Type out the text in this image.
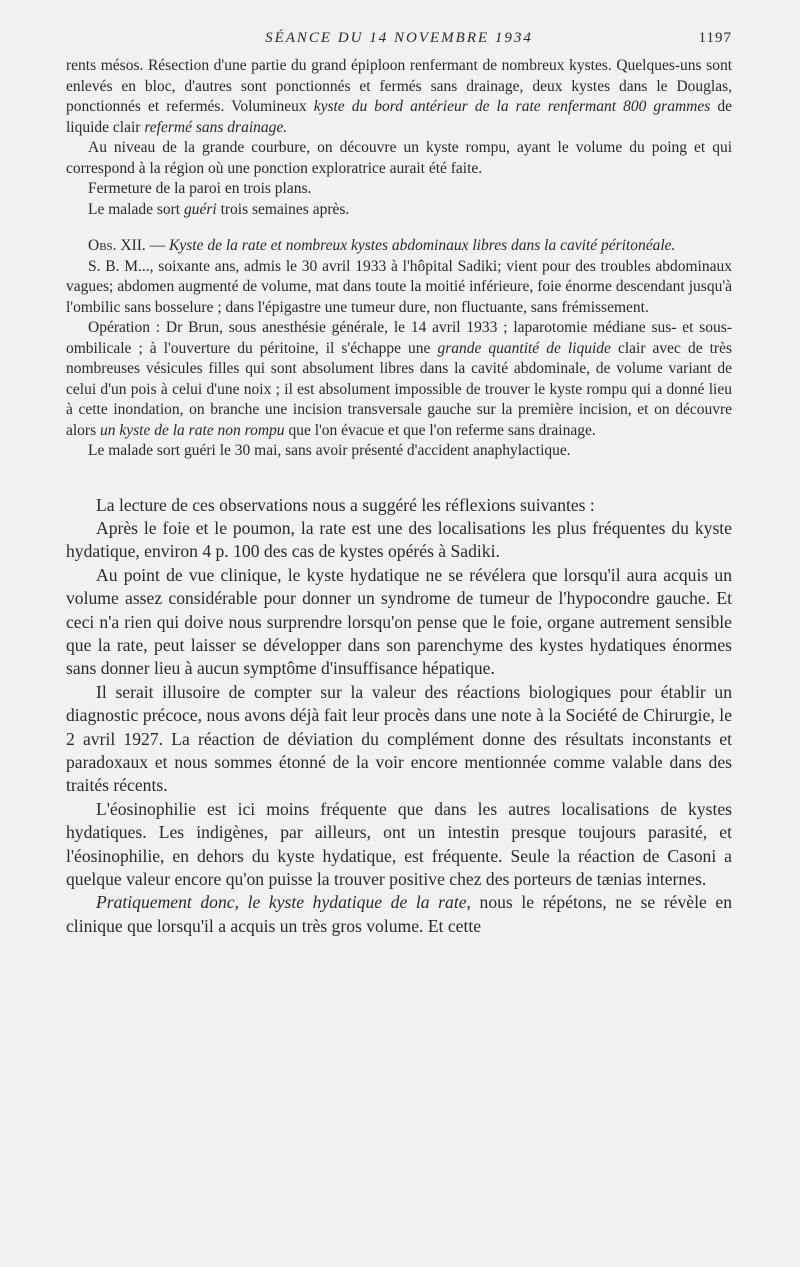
SÉANCE DU 14 NOVEMBRE 1934	1197

rents mésos. Résection d'une partie du grand épiploon renfermant de nombreux kystes. Quelques-uns sont enlevés en bloc, d'autres sont ponctionnés et fermés sans drainage, deux kystes dans le Douglas, ponctionnés et refermés. Volumineux kyste du bord antérieur de la rate renfermant 800 grammes de liquide clair refermé sans drainage.

Au niveau de la grande courbure, on découvre un kyste rompu, ayant le volume du poing et qui correspond à la région où une ponction exploratrice aurait été faite.

Fermeture de la paroi en trois plans.

Le malade sort guéri trois semaines après.

Obs. XII. — Kyste de la rate et nombreux kystes abdominaux libres dans la cavité péritonéale.

S. B. M..., soixante ans, admis le 30 avril 1933 à l'hôpital Sadiki; vient pour des troubles abdominaux vagues; abdomen augmenté de volume, mat dans toute la moitié inférieure, foie énorme descendant jusqu'à l'ombilic sans bosselure ; dans l'épigastre une tumeur dure, non fluctuante, sans frémissement.

Opération : Dr Brun, sous anesthésie générale, le 14 avril 1933 ; laparotomie médiane sus- et sous-ombilicale ; à l'ouverture du péritoine, il s'échappe une grande quantité de liquide clair avec de très nombreuses vésicules filles qui sont absolument libres dans la cavité abdominale, de volume variant de celui d'un pois à celui d'une noix ; il est absolument impossible de trouver le kyste rompu qui a donné lieu à cette inondation, on branche une incision transversale gauche sur la première incision, et on découvre alors un kyste de la rate non rompu que l'on évacue et que l'on referme sans drainage.

Le malade sort guéri le 30 mai, sans avoir présenté d'accident anaphylactique.

La lecture de ces observations nous a suggéré les réflexions suivantes :

Après le foie et le poumon, la rate est une des localisations les plus fréquentes du kyste hydatique, environ 4 p. 100 des cas de kystes opérés à Sadiki.

Au point de vue clinique, le kyste hydatique ne se révélera que lorsqu'il aura acquis un volume assez considérable pour donner un syndrome de tumeur de l'hypocondre gauche. Et ceci n'a rien qui doive nous surprendre lorsqu'on pense que le foie, organe autrement sensible que la rate, peut laisser se développer dans son parenchyme des kystes hydatiques énormes sans donner lieu à aucun symptôme d'insuffisance hépatique.

Il serait illusoire de compter sur la valeur des réactions biologiques pour établir un diagnostic précoce, nous avons déjà fait leur procès dans une note à la Société de Chirurgie, le 2 avril 1927. La réaction de déviation du complément donne des résultats inconstants et paradoxaux et nous sommes étonné de la voir encore mentionnée comme valable dans des traités récents.

L'éosinophilie est ici moins fréquente que dans les autres localisations de kystes hydatiques. Les indigènes, par ailleurs, ont un intestin presque toujours parasité, et l'éosinophilie, en dehors du kyste hydatique, est fréquente. Seule la réaction de Casoni a quelque valeur encore qu'on puisse la trouver positive chez des porteurs de tænias internes.

Pratiquement donc, le kyste hydatique de la rate, nous le répétons, ne se révèle en clinique que lorsqu'il a acquis un très gros volume. Et cette
